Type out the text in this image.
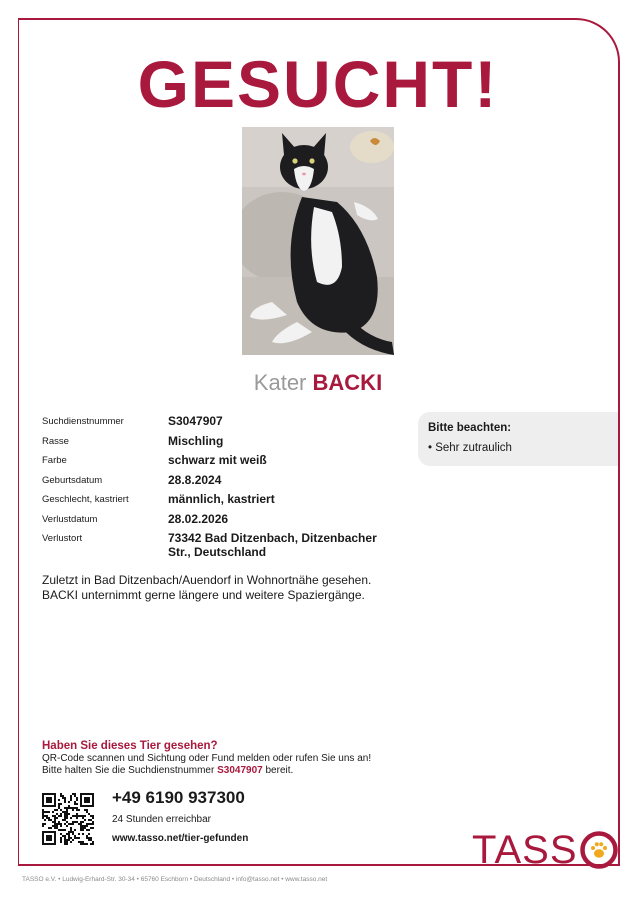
GESUCHT!
Kater BACKI
Suchdienstnummer	S3047907
Rasse	Mischling
Farbe	schwarz mit weiß
Geburtsdatum	28.8.2024
Geschlecht, kastriert	männlich, kastriert
Verlustdatum	28.02.2026
Verlustort	73342 Bad Ditzenbach, Ditzenbacher Str., Deutschland
Bitte beachten:
• Sehr zutraulich
Zuletzt in Bad Ditzenbach/Auendorf in Wohnortnähe gesehen.
BACKI unternimmt gerne längere und weitere Spaziergänge.
Haben Sie dieses Tier gesehen?
QR-Code scannen und Sichtung oder Fund melden oder rufen Sie uns an!
Bitte halten Sie die Suchdienstnummer S3047907 bereit.
+49 6190 937300
24 Stunden erreichbar
www.tasso.net/tier-gefunden	TASS
TASSO e.V. • Ludwig-Erhard-Str. 30-34 • 65760 Eschborn • Deutschland • info@tasso.net • www.tasso.net
